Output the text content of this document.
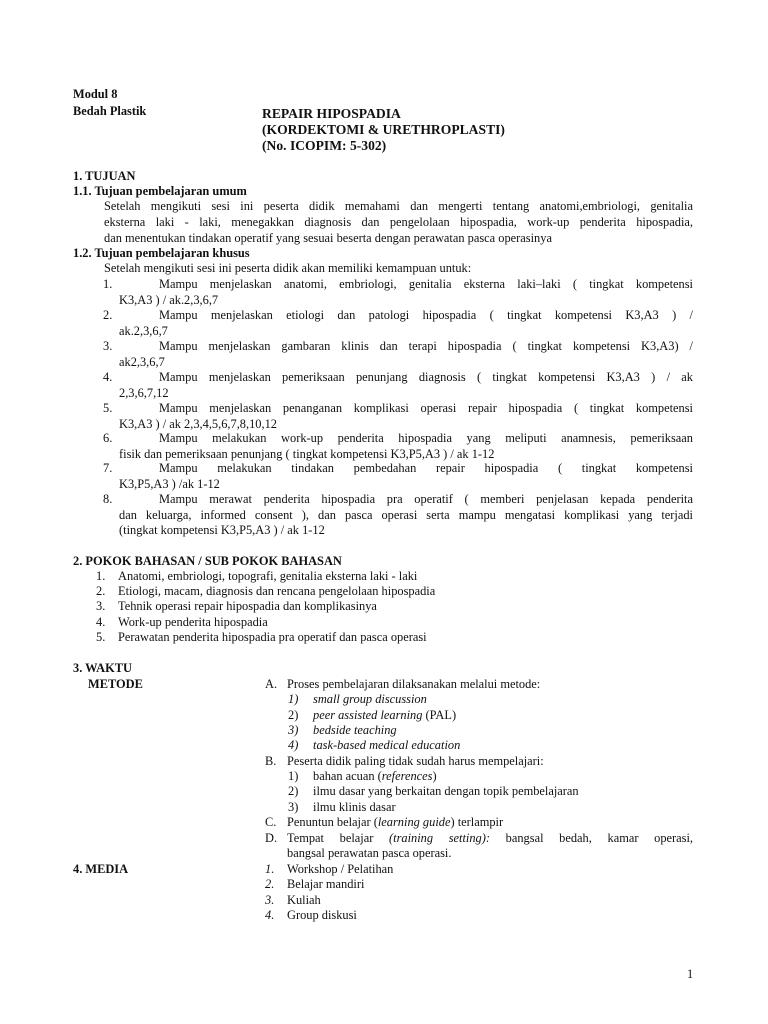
Modul 8
Bedah Plastik	REPAIR HIPOSPADIA
(KORDEKTOMI & URETHROPLASTI)
(No. ICOPIM: 5-302)
1. TUJUAN
1.1. Tujuan pembelajaran umum
Setelah mengikuti sesi ini peserta didik memahami dan mengerti tentang anatomi,embriologi, genitalia
eksterna laki - laki, menegakkan diagnosis dan pengelolaan hipospadia, work-up penderita hipospadia,
dan menentukan tindakan operatif yang sesuai beserta dengan perawatan pasca operasinya
1.2. Tujuan pembelajaran khusus
Setelah mengikuti sesi ini peserta didik akan memiliki kemampuan untuk:
1.	Mampu menjelaskan anatomi, embriologi, genitalia eksterna laki–laki ( tingkat kompetensi
K3,A3 ) / ak.2,3,6,7
2.	Mampu menjelaskan etiologi dan patologi hipospadia ( tingkat kompetensi K3,A3 ) /
ak.2,3,6,7
3.	Mampu menjelaskan gambaran klinis dan terapi hipospadia ( tingkat kompetensi K3,A3) /
ak2,3,6,7
4.	Mampu menjelaskan pemeriksaan penunjang diagnosis ( tingkat kompetensi K3,A3 ) / ak
2,3,6,7,12
5.	Mampu menjelaskan penanganan komplikasi operasi repair hipospadia ( tingkat kompetensi
K3,A3 ) / ak 2,3,4,5,6,7,8,10,12
6.	Mampu melakukan work-up penderita hipospadia yang meliputi anamnesis, pemeriksaan
fisik dan pemeriksaan penunjang ( tingkat kompetensi K3,P5,A3 ) / ak 1-12
7.	Mampu melakukan tindakan pembedahan repair hipospadia ( tingkat kompetensi
K3,P5,A3 ) /ak 1-12
8.	Mampu merawat penderita hipospadia pra operatif ( memberi penjelasan kepada penderita
dan keluarga, informed consent ), dan pasca operasi serta mampu mengatasi komplikasi yang terjadi
(tingkat kompetensi K3,P5,A3 ) / ak 1-12
2. POKOK BAHASAN / SUB POKOK BAHASAN
1. Anatomi, embriologi, topografi, genitalia eksterna laki - laki
2. Etiologi, macam, diagnosis dan rencana pengelolaan hipospadia
3. Tehnik operasi repair hipospadia dan komplikasinya
4. Work-up penderita hipospadia
5. Perawatan penderita hipospadia pra operatif dan pasca operasi
3. WAKTU
METODE	A. Proses pembelajaran dilaksanakan melalui metode:
1) small group discussion
2) peer assisted learning (PAL)
3) bedside teaching
4) task-based medical education
B. Peserta didik paling tidak sudah harus mempelajari:
1) bahan acuan (references)
2) ilmu dasar yang berkaitan dengan topik pembelajaran
3) ilmu klinis dasar
C. Penuntun belajar (learning guide) terlampir
D. Tempat belajar (training setting): bangsal bedah, kamar operasi,
bangsal perawatan pasca operasi.
4. MEDIA	1. Workshop / Pelatihan
2. Belajar mandiri
3. Kuliah
4. Group diskusi
1
